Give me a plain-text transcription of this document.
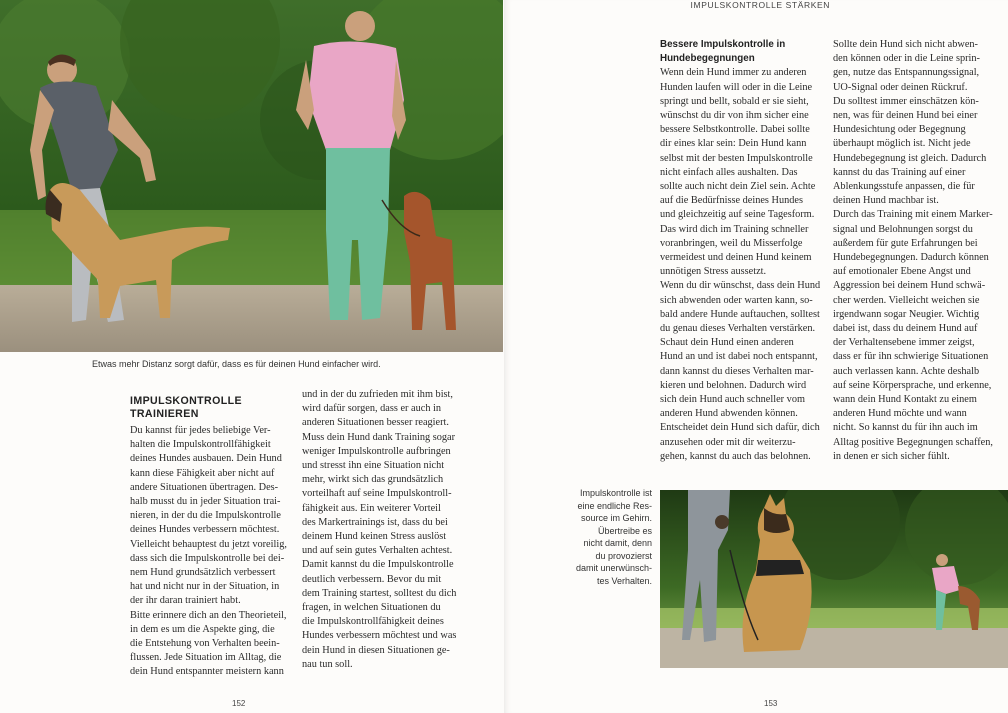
Etwas mehr Distanz sorgt dafür, dass es für deinen Hund einfacher wird.
IMPULSKONTROLLE
TRAINIEREN
Du kannst für jedes beliebige Ver-
halten die Impulskontrollfähigkeit
deines Hundes ausbauen. Dein Hund
kann diese Fähigkeit aber nicht auf
andere Situationen übertragen. Des-
halb musst du in jeder Situation trai-
nieren, in der du die Impulskontrolle
deines Hundes verbessern möchtest.
Vielleicht behauptest du jetzt voreilig,
dass sich die Impulskontrolle bei dei-
nem Hund grundsätzlich verbessert
hat und nicht nur in der Situation, in
der ihr daran trainiert habt.
Bitte erinnere dich an den Theorieteil,
in dem es um die Aspekte ging, die
die Entstehung von Verhalten beein-
flussen. Jede Situation im Alltag, die
dein Hund entspannter meistern kann
und in der du zufrieden mit ihm bist,
wird dafür sorgen, dass er auch in
anderen Situationen besser reagiert.
Muss dein Hund dank Training sogar
weniger Impulskontrolle aufbringen
und stresst ihn eine Situation nicht
mehr, wirkt sich das grundsätzlich
vorteilhaft auf seine Impulskontroll-
fähigkeit aus. Ein weiterer Vorteil
des Markertrainings ist, dass du bei
deinem Hund keinen Stress auslöst
und auf sein gutes Verhalten achtest.
Damit kannst du die Impulskontrolle
deutlich verbessern. Bevor du mit
dem Training startest, solltest du dich
fragen, in welchen Situationen du
die Impulskontrollfähigkeit deines
Hundes verbessern möchtest und was
dein Hund in diesen Situationen ge-
nau tun soll.
152
IMPULSKONTROLLE STÄRKEN
Bessere Impulskontrolle in
Hundebegegnungen
Wenn dein Hund immer zu anderen
Hunden laufen will oder in die Leine
springt und bellt, sobald er sie sieht,
wünschst du dir von ihm sicher eine
bessere Selbstkontrolle. Dabei sollte
dir eines klar sein: Dein Hund kann
selbst mit der besten Impulskontrolle
nicht einfach alles aushalten. Das
sollte auch nicht dein Ziel sein. Achte
auf die Bedürfnisse deines Hundes
und gleichzeitig auf seine Tagesform.
Das wird dich im Training schneller
voranbringen, weil du Misserfolge
vermeidest und deinen Hund keinem
unnötigen Stress aussetzt.
Wenn du dir wünschst, dass dein Hund
sich abwenden oder warten kann, so-
bald andere Hunde auftauchen, solltest
du genau dieses Verhalten verstärken.
Schaut dein Hund einen anderen
Hund an und ist dabei noch entspannt,
dann kannst du dieses Verhalten mar-
kieren und belohnen. Dadurch wird
sich dein Hund auch schneller vom
anderen Hund abwenden können.
Entscheidet dein Hund sich dafür, dich
anzusehen oder mit dir weiterzu-
gehen, kannst du auch das belohnen.
Sollte dein Hund sich nicht abwen-
den können oder in die Leine sprin-
gen, nutze das Entspannungssignal,
UO-Signal oder deinen Rückruf.
Du solltest immer einschätzen kön-
nen, was für deinen Hund bei einer
Hundesichtung oder Begegnung
überhaupt möglich ist. Nicht jede
Hundebegegnung ist gleich. Dadurch
kannst du das Training auf einer
Ablenkungsstufe anpassen, die für
deinen Hund machbar ist.
Durch das Training mit einem Marker-
signal und Belohnungen sorgst du
außerdem für gute Erfahrungen bei
Hundebegegnungen. Dadurch können
auf emotionaler Ebene Angst und
Aggression bei deinem Hund schwä-
cher werden. Vielleicht weichen sie
irgendwann sogar Neugier. Wichtig
dabei ist, dass du deinem Hund auf
der Verhaltensebene immer zeigst,
dass er für ihn schwierige Situationen
auch verlassen kann. Achte deshalb
auf seine Körpersprache, und erkenne,
wann dein Hund Kontakt zu einem
anderen Hund möchte und wann
nicht. So kannst du für ihn auch im
Alltag positive Begegnungen schaffen,
in denen er sich sicher fühlt.
Impulskontrolle ist
eine endliche Res-
source im Gehirn.
Übertreibe es
nicht damit, denn
du provozierst
damit unerwünsch-
tes Verhalten.
153
